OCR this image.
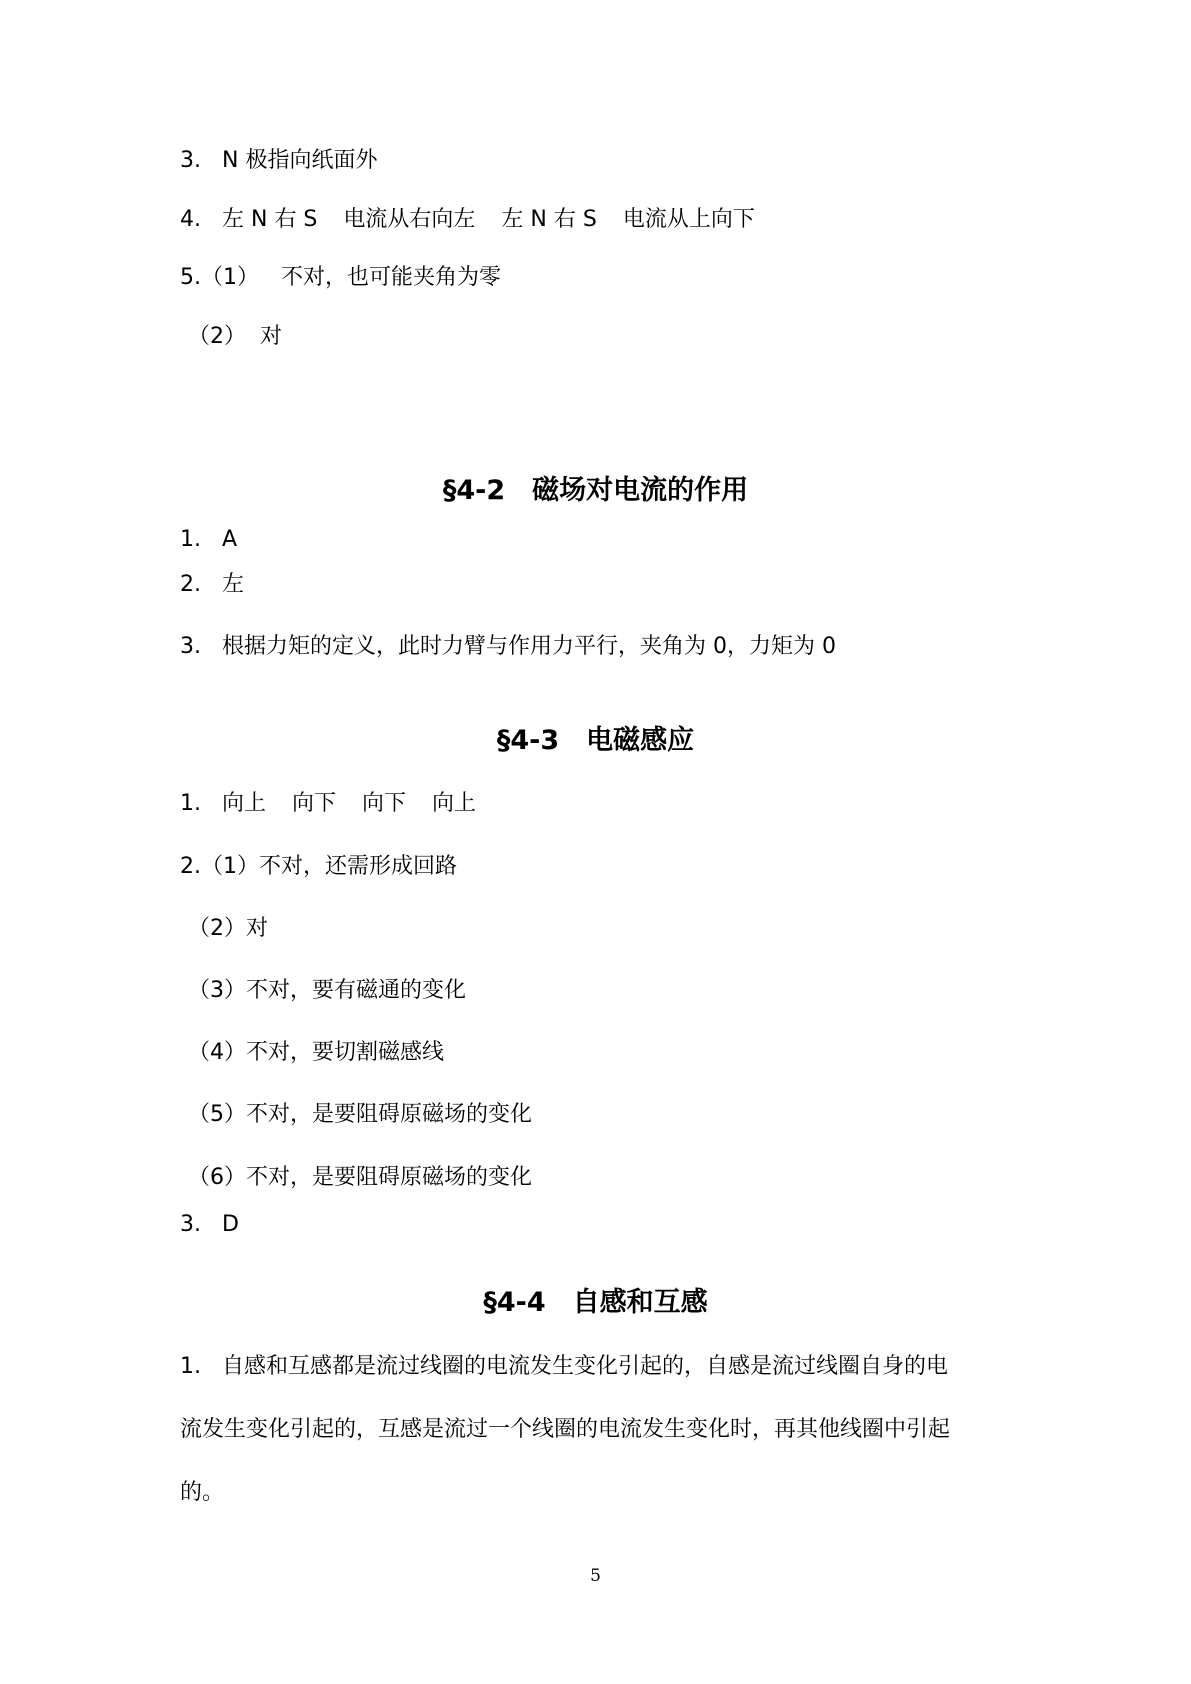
3. N 极指向纸面外
4. 左 N 右 S 电流从右向左 左 N 右 S 电流从上向下
5.（1） 不对，也可能夹角为零
（2） 对
§4-2　磁场对电流的作用
1. A
2. 左
3. 根据力矩的定义，此时力臂与作用力平行，夹角为 0，力矩为 0
§4-3　电磁感应
1. 向上 向下 向下 向上
2.（1）不对，还需形成回路
（2）对
（3）不对，要有磁通的变化
（4）不对，要切割磁感线
（5）不对，是要阻碍原磁场的变化
（6）不对，是要阻碍原磁场的变化
3. D
§4-4　自感和互感
1. 自感和互感都是流过线圈的电流发生变化引起的，自感是流过线圈自身的电
流发生变化引起的，互感是流过一个线圈的电流发生变化时，再其他线圈中引起
的。
5
